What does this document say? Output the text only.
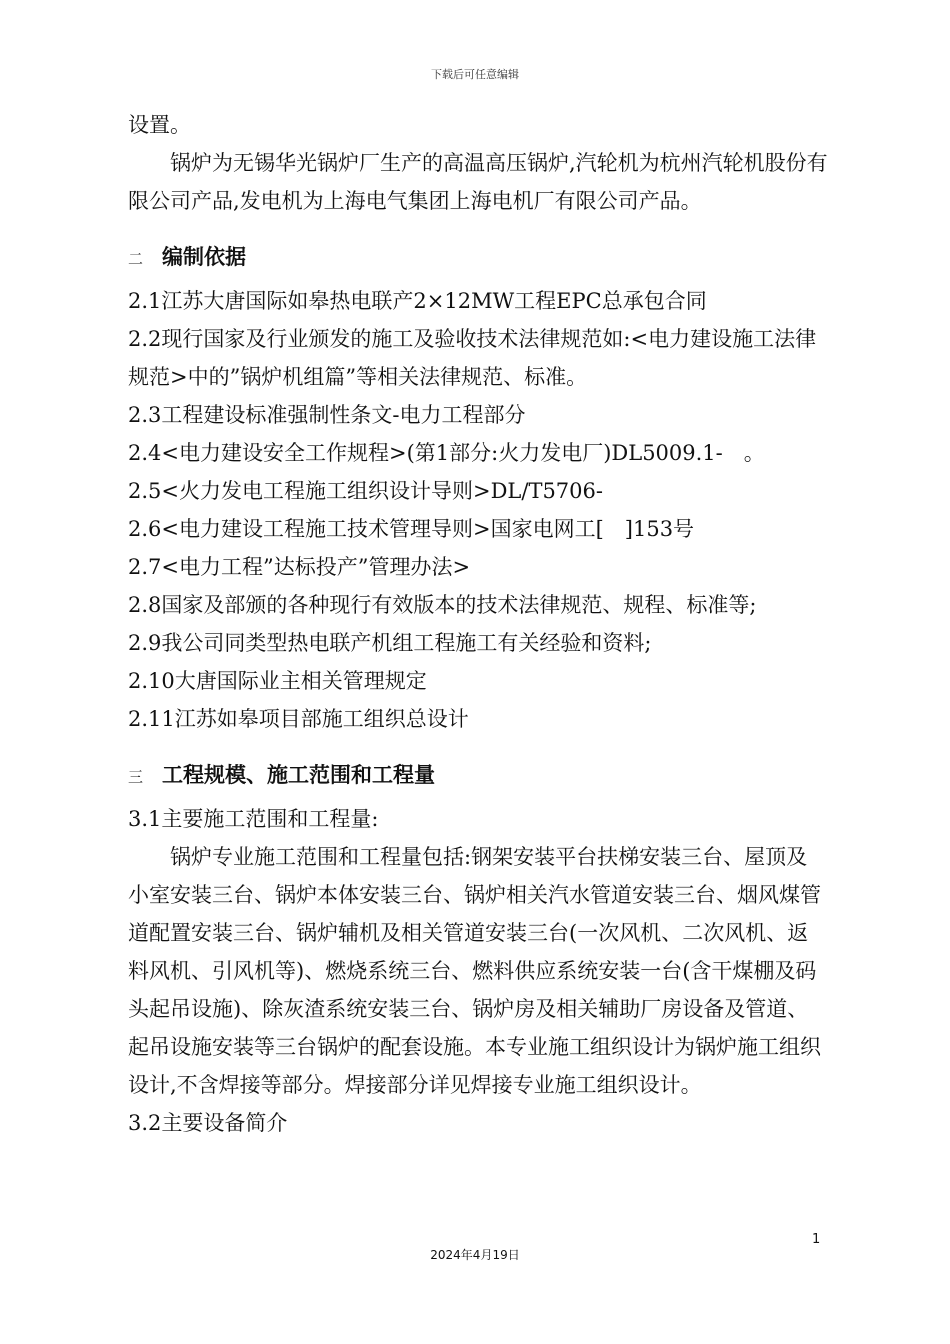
下载后可任意编辑

设置。

锅炉为无锡华光锅炉厂生产的高温高压锅炉,汽轮机为杭州汽轮机股份有限公司产品,发电机为上海电气集团上海电机厂有限公司产品。

二 编制依据

2.1江苏大唐国际如皋热电联产2×12MW工程EPC总承包合同

2.2现行国家及行业颁发的施工及验收技术法律规范如:<电力建设施工法律规范>中的”锅炉机组篇”等相关法律规范、标准。

2.3工程建设标准强制性条文-电力工程部分

2.4<电力建设安全工作规程>(第1部分:火力发电厂)DL5009.1-　。

2.5<火力发电工程施工组织设计导则>DL/T5706-

2.6<电力建设工程施工技术管理导则>国家电网工[　]153号

2.7<电力工程”达标投产”管理办法>

2.8国家及部颁的各种现行有效版本的技术法律规范、规程、标准等;

2.9我公司同类型热电联产机组工程施工有关经验和资料;

2.10大唐国际业主相关管理规定

2.11江苏如皋项目部施工组织总设计

三 工程规模、施工范围和工程量

3.1主要施工范围和工程量:

锅炉专业施工范围和工程量包括:钢架安装平台扶梯安装三台、屋顶及小室安装三台、锅炉本体安装三台、锅炉相关汽水管道安装三台、烟风煤管道配置安装三台、锅炉辅机及相关管道安装三台(一次风机、二次风机、返料风机、引风机等)、燃烧系统三台、燃料供应系统安装一台(含干煤棚及码头起吊设施)、除灰渣系统安装三台、锅炉房及相关辅助厂房设备及管道、起吊设施安装等三台锅炉的配套设施。本专业施工组织设计为锅炉施工组织设计,不含焊接等部分。焊接部分详见焊接专业施工组织设计。

3.2主要设备简介

1
2024年4月19日
